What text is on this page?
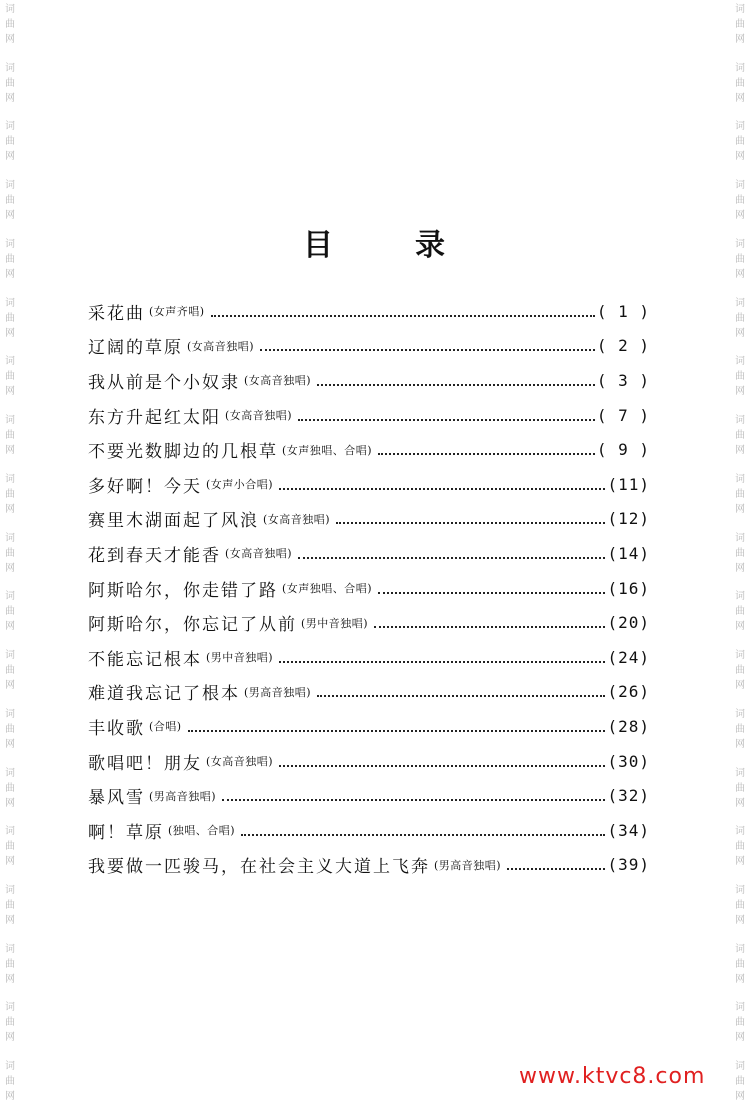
词
曲
网
词
曲
网
词
曲
网
词
曲
网
词
曲
网
词
曲
网
词
曲
网
词
曲
网
词
曲
网
词
曲
网
词
曲
网
词
曲
网
词
曲
网
词
曲
网
词
曲
网
词
曲
网
词
曲
网
词
曲
网
词
曲
网
词
曲
网
词
曲
网
词
曲
网
词
曲
网
词
曲
网
词
曲
网
词
曲
网
词
曲
网
词
曲
网
词
曲
网
词
曲
网
词
曲
网
词
曲
网
词
曲
网
词
曲
网
词
曲
网
词
曲
网
词
曲
网
词
曲
网
目	录
采花曲 (女声齐唱)	( 1 )
辽阔的草原 (女高音独唱)	( 2 )
我从前是个小奴隶 (女高音独唱)	( 3 )
东方升起红太阳 (女高音独唱)	( 7 )
不要光数脚边的几根草 (女声独唱、合唱)	( 9 )
多好啊！今天 (女声小合唱)	(11)
赛里木湖面起了风浪 (女高音独唱)	(12)
花到春天才能香 (女高音独唱)	(14)
阿斯哈尔，你走错了路 (女声独唱、合唱)	(16)
阿斯哈尔，你忘记了从前 (男中音独唱)	(20)
不能忘记根本 (男中音独唱)	(24)
难道我忘记了根本 (男高音独唱)	(26)
丰收歌 (合唱)	(28)
歌唱吧！朋友 (女高音独唱)	(30)
暴风雪 (男高音独唱)	(32)
啊！草原 (独唱、合唱)	(34)
我要做一匹骏马，在社会主义大道上飞奔 (男高音独唱)	(39)
www.ktvc8.com
